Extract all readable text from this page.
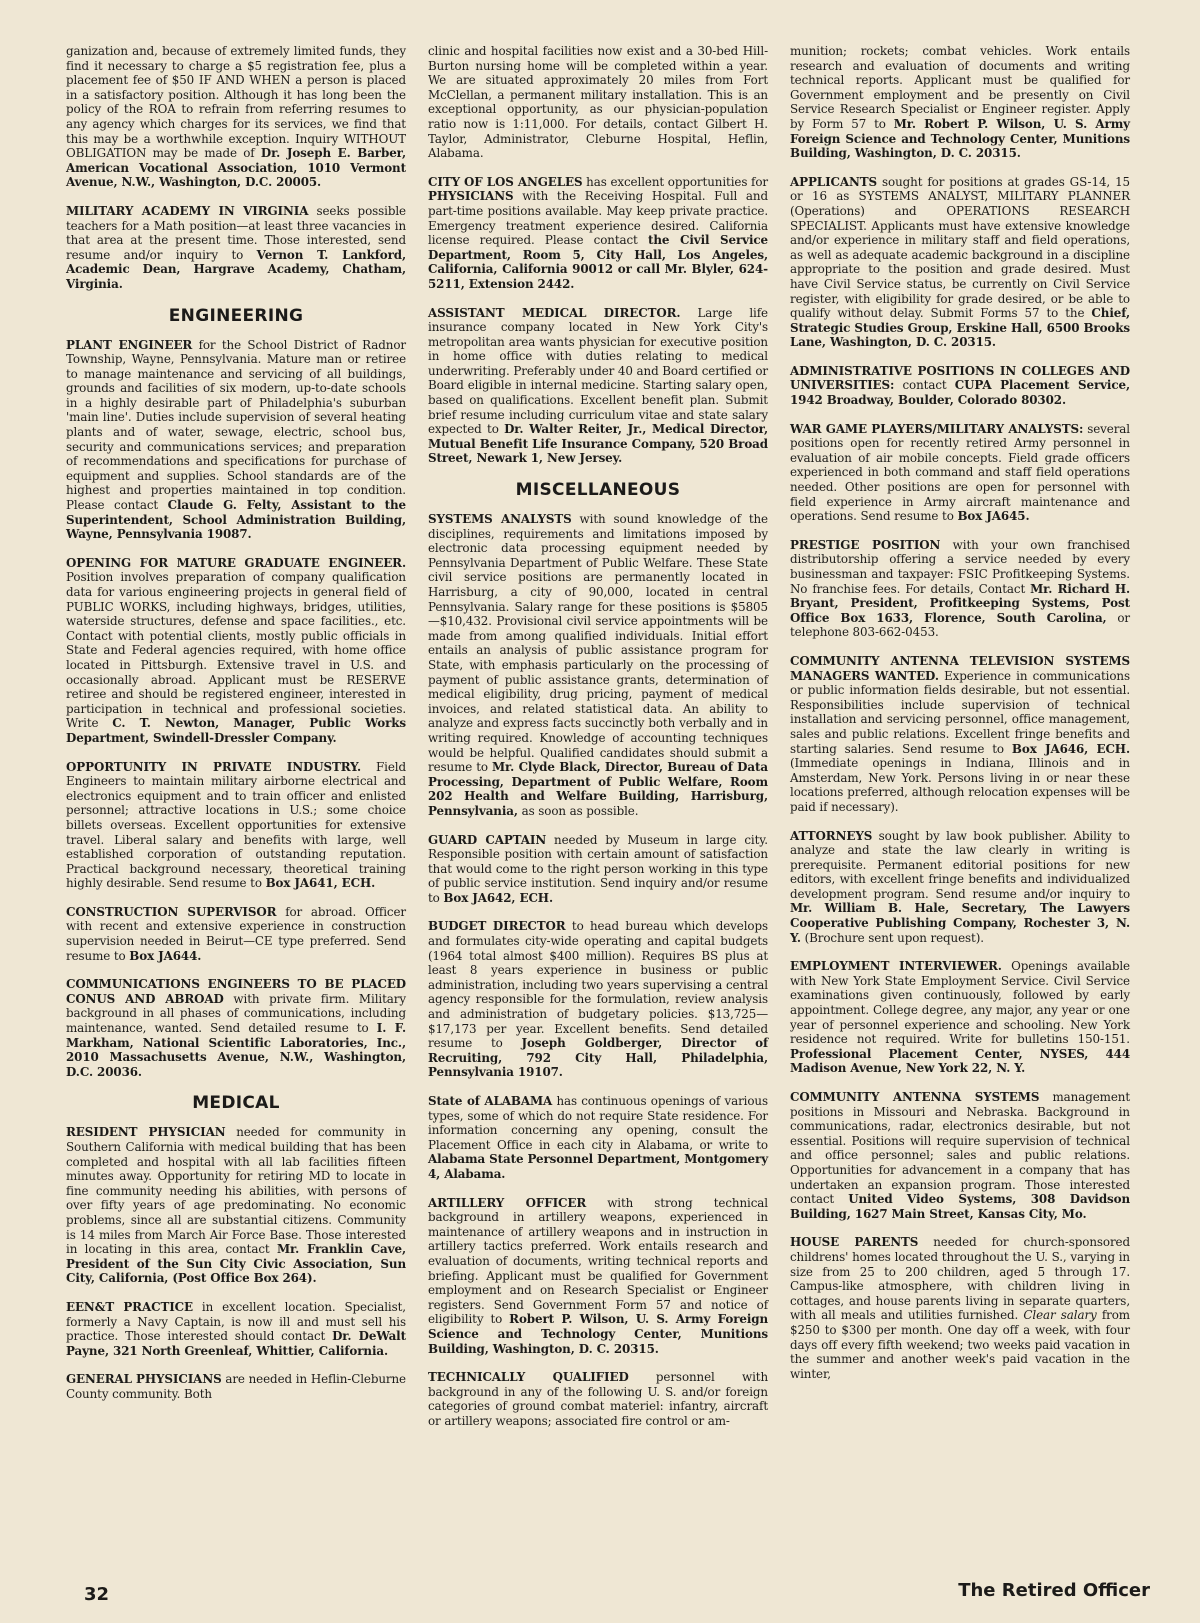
ganization and, because of extremely limited funds, they find it necessary to charge a $5 registration fee, plus a placement fee of $50 IF AND WHEN a person is placed in a satisfactory position. Although it has long been the policy of the ROA to refrain from referring resumes to any agency which charges for its services, we find that this may be a worthwhile exception. Inquiry WITHOUT OBLIGATION may be made of Dr. Joseph E. Barber, American Vocational Association, 1010 Vermont Avenue, N.W., Washington, D.C. 20005.

MILITARY ACADEMY IN VIRGINIA seeks possible teachers for a Math position—at least three vacancies in that area at the present time. Those interested, send resume and/or inquiry to Vernon T. Lankford, Academic Dean, Hargrave Academy, Chatham, Virginia.

ENGINEERING

PLANT ENGINEER for the School District of Radnor Township, Wayne, Pennsylvania. Mature man or retiree to manage maintenance and servicing of all buildings, grounds and facilities of six modern, up-to-date schools in a highly desirable part of Philadelphia's suburban 'main line'. Duties include supervision of several heating plants and of water, sewage, electric, school bus, security and communications services; and preparation of recommendations and specifications for purchase of equipment and supplies. School standards are of the highest and properties maintained in top condition. Please contact Claude G. Felty, Assistant to the Superintendent, School Administration Building, Wayne, Pennsylvania 19087.

OPENING FOR MATURE GRADUATE ENGINEER. Position involves preparation of company qualification data for various engineering projects in general field of PUBLIC WORKS, including highways, bridges, utilities, waterside structures, defense and space facilities., etc. Contact with potential clients, mostly public officials in State and Federal agencies required, with home office located in Pittsburgh. Extensive travel in U.S. and occasionally abroad. Applicant must be RESERVE retiree and should be registered engineer, interested in participation in technical and professional societies. Write C. T. Newton, Manager, Public Works Department, Swindell-Dressler Company.

OPPORTUNITY IN PRIVATE INDUSTRY. Field Engineers to maintain military airborne electrical and electronics equipment and to train officer and enlisted personnel; attractive locations in U.S.; some choice billets overseas. Excellent opportunities for extensive travel. Liberal salary and benefits with large, well established corporation of outstanding reputation. Practical background necessary, theoretical training highly desirable. Send resume to Box JA641, ECH.

CONSTRUCTION SUPERVISOR for abroad. Officer with recent and extensive experience in construction supervision needed in Beirut—CE type preferred. Send resume to Box JA644.

COMMUNICATIONS ENGINEERS TO BE PLACED CONUS AND ABROAD with private firm. Military background in all phases of communications, including maintenance, wanted. Send detailed resume to I. F. Markham, National Scientific Laboratories, Inc., 2010 Massachusetts Avenue, N.W., Washington, D.C. 20036.

MEDICAL

RESIDENT PHYSICIAN needed for community in Southern California with medical building that has been completed and hospital with all lab facilities fifteen minutes away. Opportunity for retiring MD to locate in fine community needing his abilities, with persons of over fifty years of age predominating. No economic problems, since all are substantial citizens. Community is 14 miles from March Air Force Base. Those interested in locating in this area, contact Mr. Franklin Cave, President of the Sun City Civic Association, Sun City, California, (Post Office Box 264).

EEN&T PRACTICE in excellent location. Specialist, formerly a Navy Captain, is now ill and must sell his practice. Those interested should contact Dr. DeWalt Payne, 321 North Greenleaf, Whittier, California.

GENERAL PHYSICIANS are needed in Heflin-Cleburne County community. Both

clinic and hospital facilities now exist and a 30-bed Hill-Burton nursing home will be completed within a year. We are situated approximately 20 miles from Fort McClellan, a permanent military installation. This is an exceptional opportunity, as our physician-population ratio now is 1:11,000. For details, contact Gilbert H. Taylor, Administrator, Cleburne Hospital, Heflin, Alabama.

CITY OF LOS ANGELES has excellent opportunities for PHYSICIANS with the Receiving Hospital. Full and part-time positions available. May keep private practice. Emergency treatment experience desired. California license required. Please contact the Civil Service Department, Room 5, City Hall, Los Angeles, California, California 90012 or call Mr. Blyler, 624-5211, Extension 2442.

ASSISTANT MEDICAL DIRECTOR. Large life insurance company located in New York City's metropolitan area wants physician for executive position in home office with duties relating to medical underwriting. Preferably under 40 and Board certified or Board eligible in internal medicine. Starting salary open, based on qualifications. Excellent benefit plan. Submit brief resume including curriculum vitae and state salary expected to Dr. Walter Reiter, Jr., Medical Director, Mutual Benefit Life Insurance Company, 520 Broad Street, Newark 1, New Jersey.

MISCELLANEOUS

SYSTEMS ANALYSTS with sound knowledge of the disciplines, requirements and limitations imposed by electronic data processing equipment needed by Pennsylvania Department of Public Welfare. These State civil service positions are permanently located in Harrisburg, a city of 90,000, located in central Pennsylvania. Salary range for these positions is $5805—$10,432. Provisional civil service appointments will be made from among qualified individuals. Initial effort entails an analysis of public assistance program for State, with emphasis particularly on the processing of payment of public assistance grants, determination of medical eligibility, drug pricing, payment of medical invoices, and related statistical data. An ability to analyze and express facts succinctly both verbally and in writing required. Knowledge of accounting techniques would be helpful. Qualified candidates should submit a resume to Mr. Clyde Black, Director, Bureau of Data Processing, Department of Public Welfare, Room 202 Health and Welfare Building, Harrisburg, Pennsylvania, as soon as possible.

GUARD CAPTAIN needed by Museum in large city. Responsible position with certain amount of satisfaction that would come to the right person working in this type of public service institution. Send inquiry and/or resume to Box JA642, ECH.

BUDGET DIRECTOR to head bureau which develops and formulates city-wide operating and capital budgets (1964 total almost $400 million). Requires BS plus at least 8 years experience in business or public administration, including two years supervising a central agency responsible for the formulation, review analysis and administration of budgetary policies. $13,725—$17,173 per year. Excellent benefits. Send detailed resume to Joseph Goldberger, Director of Recruiting, 792 City Hall, Philadelphia, Pennsylvania 19107.

State of ALABAMA has continuous openings of various types, some of which do not require State residence. For information concerning any opening, consult the Placement Office in each city in Alabama, or write to Alabama State Personnel Department, Montgomery 4, Alabama.

ARTILLERY OFFICER with strong technical background in artillery weapons, experienced in maintenance of artillery weapons and in instruction in artillery tactics preferred. Work entails research and evaluation of documents, writing technical reports and briefing. Applicant must be qualified for Government employment and on Research Specialist or Engineer registers. Send Government Form 57 and notice of eligibility to Robert P. Wilson, U. S. Army Foreign Science and Technology Center, Munitions Building, Washington, D. C. 20315.

TECHNICALLY QUALIFIED personnel with background in any of the following U. S. and/or foreign categories of ground combat materiel: infantry, aircraft or artillery weapons; associated fire control or am-

munition; rockets; combat vehicles. Work entails research and evaluation of documents and writing technical reports. Applicant must be qualified for Government employment and be presently on Civil Service Research Specialist or Engineer register. Apply by Form 57 to Mr. Robert P. Wilson, U. S. Army Foreign Science and Technology Center, Munitions Building, Washington, D. C. 20315.

APPLICANTS sought for positions at grades GS-14, 15 or 16 as SYSTEMS ANALYST, MILITARY PLANNER (Operations) and OPERATIONS RESEARCH SPECIALIST. Applicants must have extensive knowledge and/or experience in military staff and field operations, as well as adequate academic background in a discipline appropriate to the position and grade desired. Must have Civil Service status, be currently on Civil Service register, with eligibility for grade desired, or be able to qualify without delay. Submit Forms 57 to the Chief, Strategic Studies Group, Erskine Hall, 6500 Brooks Lane, Washington, D. C. 20315.

ADMINISTRATIVE POSITIONS IN COLLEGES AND UNIVERSITIES: contact CUPA Placement Service, 1942 Broadway, Boulder, Colorado 80302.

WAR GAME PLAYERS/MILITARY ANALYSTS: several positions open for recently retired Army personnel in evaluation of air mobile concepts. Field grade officers experienced in both command and staff field operations needed. Other positions are open for personnel with field experience in Army aircraft maintenance and operations. Send resume to Box JA645.

PRESTIGE POSITION with your own franchised distributorship offering a service needed by every businessman and taxpayer: FSIC Profitkeeping Systems. No franchise fees. For details, Contact Mr. Richard H. Bryant, President, Profitkeeping Systems, Post Office Box 1633, Florence, South Carolina, or telephone 803-662-0453.

COMMUNITY ANTENNA TELEVISION SYSTEMS MANAGERS WANTED. Experience in communications or public information fields desirable, but not essential. Responsibilities include supervision of technical installation and servicing personnel, office management, sales and public relations. Excellent fringe benefits and starting salaries. Send resume to Box JA646, ECH. (Immediate openings in Indiana, Illinois and in Amsterdam, New York. Persons living in or near these locations preferred, although relocation expenses will be paid if necessary).

ATTORNEYS sought by law book publisher. Ability to analyze and state the law clearly in writing is prerequisite. Permanent editorial positions for new editors, with excellent fringe benefits and individualized development program. Send resume and/or inquiry to Mr. William B. Hale, Secretary, The Lawyers Cooperative Publishing Company, Rochester 3, N. Y. (Brochure sent upon request).

EMPLOYMENT INTERVIEWER. Openings available with New York State Employment Service. Civil Service examinations given continuously, followed by early appointment. College degree, any major, any year or one year of personnel experience and schooling. New York residence not required. Write for bulletins 150-151. Professional Placement Center, NYSES, 444 Madison Avenue, New York 22, N. Y.

COMMUNITY ANTENNA SYSTEMS management positions in Missouri and Nebraska. Background in communications, radar, electronics desirable, but not essential. Positions will require supervision of technical and office personnel; sales and public relations. Opportunities for advancement in a company that has undertaken an expansion program. Those interested contact United Video Systems, 308 Davidson Building, 1627 Main Street, Kansas City, Mo.

HOUSE PARENTS needed for church-sponsored childrens' homes located throughout the U. S., varying in size from 25 to 200 children, aged 5 through 17. Campus-like atmosphere, with children living in cottages, and house parents living in separate quarters, with all meals and utilities furnished. Clear salary from $250 to $300 per month. One day off a week, with four days off every fifth weekend; two weeks paid vacation in the summer and another week's paid vacation in the winter,

32	The Retired Officer
